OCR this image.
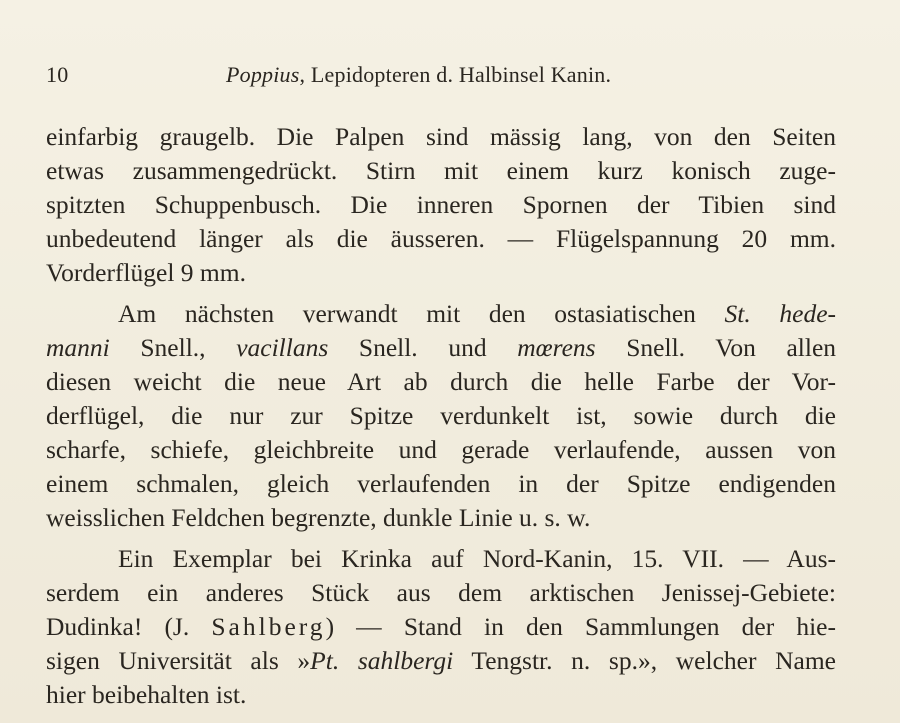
10	Poppius, Lepidopteren d. Halbinsel Kanin.
einfarbig graugelb. Die Palpen sind mässig lang, von den Seiten
etwas zusammengedrückt. Stirn mit einem kurz konisch zuge-
spitzten Schuppenbusch. Die inneren Spornen der Tibien sind
unbedeutend länger als die äusseren. — Flügelspannung 20 mm.
Vorderflügel 9 mm.
Am nächsten verwandt mit den ostasiatischen St. hede-
manni Snell., vacillans Snell. und mœrens Snell. Von allen
diesen weicht die neue Art ab durch die helle Farbe der Vor-
derflügel, die nur zur Spitze verdunkelt ist, sowie durch die
scharfe, schiefe, gleichbreite und gerade verlaufende, aussen von
einem schmalen, gleich verlaufenden in der Spitze endigenden
weisslichen Feldchen begrenzte, dunkle Linie u. s. w.
Ein Exemplar bei Krinka auf Nord-Kanin, 15. VII. — Aus-
serdem ein anderes Stück aus dem arktischen Jenissej-Gebiete:
Dudinka! (J. Sahlberg) — Stand in den Sammlungen der hie-
sigen Universität als »Pt. sahlbergi Tengstr. n. sp.», welcher Name
hier beibehalten ist.
